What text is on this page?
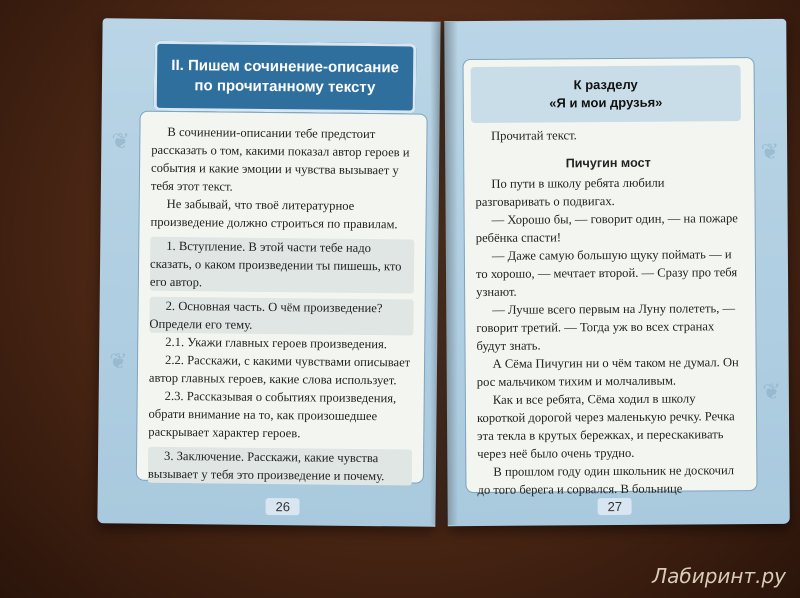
❦
❦
II. Пишем сочинение-описание
по прочитанному тексту

В сочинении-описании тебе предстоит рассказать о том, какими показал автор героев и события и какие эмоции и чувства вызывает у тебя этот текст.

Не забывай, что твоё литературное произведение должно строиться по правилам.

1. Вступление. В этой части тебе надо сказать, о каком произведении ты пишешь, кто его автор.

2. Основная часть. О чём произведение? Определи его тему.

2.1. Укажи главных героев произведения.

2.2. Расскажи, с какими чувствами описывает автор главных героев, какие слова использует.

2.3. Рассказывая о событиях произведения, обрати внимание на то, как произошедшее раскрывает характер героев.

3. Заключение. Расскажи, какие чувства вызывает у тебя это произведение и почему.

26
❦
❦
К разделу
«Я и мои друзья»

Прочитай текст.

Пичугин мост

По пути в школу ребята любили разговаривать о подвигах.

— Хорошо бы, — говорит один, — на пожаре ребёнка спасти!

— Даже самую большую щуку поймать — и то хорошо, — мечтает второй. — Сразу про тебя узнают.

— Лучше всего первым на Луну полететь, — говорит третий. — Тогда уж во всех странах будут знать.

А Сёма Пичугин ни о чём таком не думал. Он рос мальчиком тихим и молчаливым.

Как и все ребята, Сёма ходил в школу короткой дорогой через маленькую речку. Речка эта текла в крутых бережках, и перескакивать через неё было очень трудно.

В прошлом году один школьник не доскочил до того берега и сорвался. В больнице

27
Лабиринт.ру
